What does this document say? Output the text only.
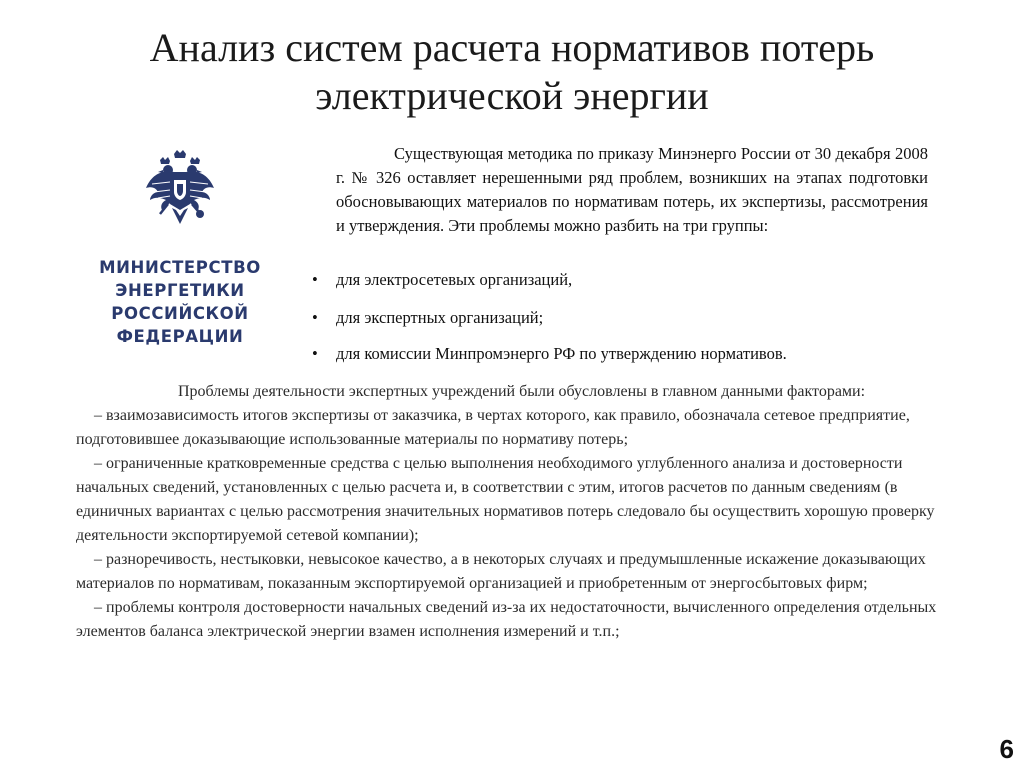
Анализ систем расчета нормативов потерь
электрической энергии
МИНИСТЕРСТВО
ЭНЕРГЕТИКИ
РОССИЙСКОЙ
ФЕДЕРАЦИИ

Существующая методика по приказу Минэнерго России от 30 декабря 2008 г. № 326 оставляет нерешенными ряд проблем, возникших на этапах подготовки обосновывающих материалов по нормативам потерь, их экспертизы, рассмотрения и утверждения. Эти проблемы можно разбить на три группы:

• для электросетевых организаций,
• для экспертных организаций;
• для комиссии Минпромэнерго РФ по утверждению нормативов.

Проблемы деятельности экспертных учреждений были обусловлены в главном данными факторами:

– взаимозависимость итогов экспертизы от заказчика, в чертах которого, как правило, обозначала сетевое предприятие, подготовившее доказывающие использованные материалы по нормативу потерь;

– ограниченные кратковременные средства с целью выполнения необходимого углубленного анализа и достоверности начальных сведений, установленных с целью расчета и, в соответствии с этим, итогов расчетов по данным сведениям (в единичных вариантах с целью рассмотрения значительных нормативов потерь следовало бы осуществить хорошую проверку деятельности экспортируемой сетевой компании);

– разноречивость, нестыковки, невысокое качество, а в некоторых случаях и предумышленные искажение доказывающих материалов по нормативам, показанным экспортируемой организацией и приобретенным от энергосбытовых фирм;

– проблемы контроля достоверности начальных сведений из-за их недостаточности, вычисленного определения отдельных элементов баланса электрической энергии взамен исполнения измерений и т.п.;

6
